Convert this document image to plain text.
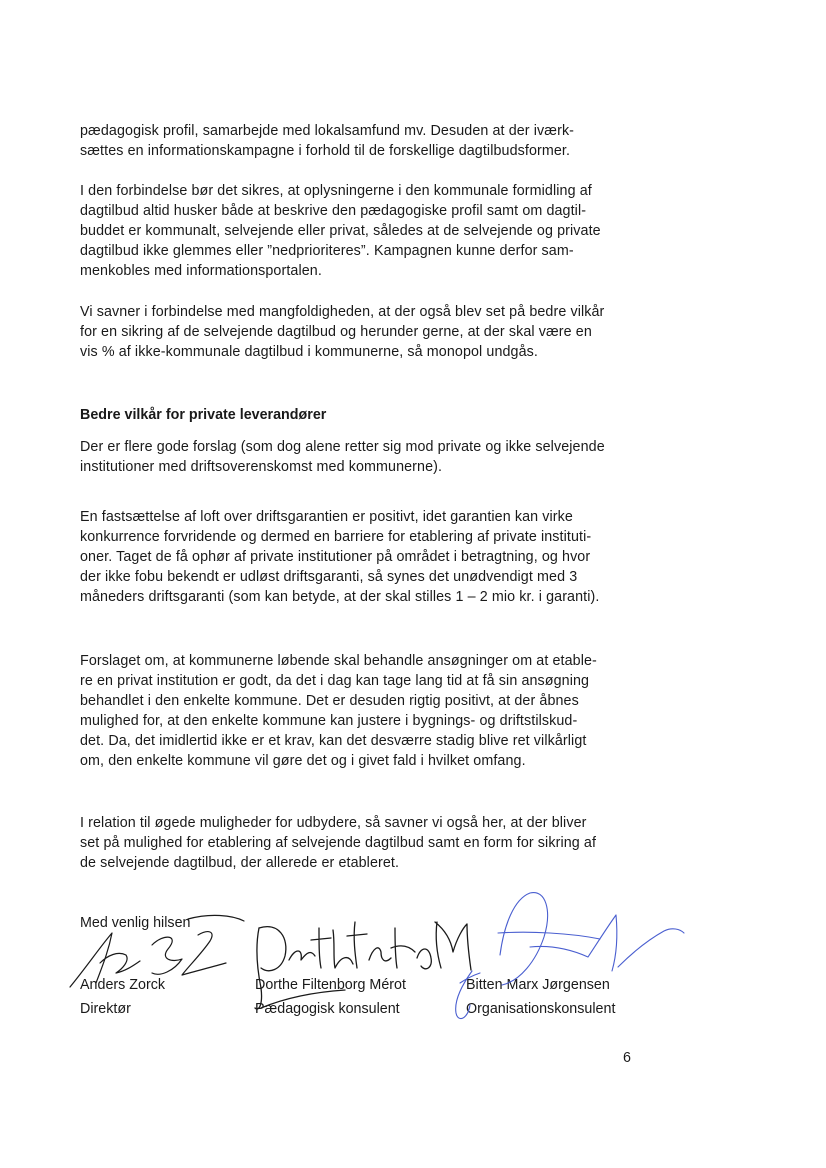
pædagogisk profil, samarbejde med lokalsamfund mv. Desuden at der iværk-
sættes en informationskampagne i forhold til de forskellige dagtilbudsformer.

I den forbindelse bør det sikres, at oplysningerne i den kommunale formidling af
dagtilbud altid husker både at beskrive den pædagogiske profil samt om dagtil-
buddet er kommunalt, selvejende eller privat, således at de selvejende og private
dagtilbud ikke glemmes eller ”nedprioriteres”. Kampagnen kunne derfor sam-
menkobles med informationsportalen.

Vi savner i forbindelse med mangfoldigheden, at der også blev set på bedre vilkår
for en sikring af de selvejende dagtilbud og herunder gerne, at der skal være en
vis % af ikke-kommunale dagtilbud i kommunerne, så monopol undgås.

Bedre vilkår for private leverandører

Der er flere gode forslag (som dog alene retter sig mod private og ikke selvejende
institutioner med driftsoverenskomst med kommunerne).

En fastsættelse af loft over driftsgarantien er positivt, idet garantien kan virke
konkurrence forvridende og dermed en barriere for etablering af private instituti-
oner. Taget de få ophør af private institutioner på området i betragtning, og hvor
der ikke fobu bekendt er udløst driftsgaranti, så synes det unødvendigt med 3
måneders driftsgaranti (som kan betyde, at der skal stilles 1 – 2 mio kr. i garanti).

Forslaget om, at kommunerne løbende skal behandle ansøgninger om at etable-
re en privat institution er godt, da det i dag kan tage lang tid at få sin ansøgning
behandlet i den enkelte kommune. Det er desuden rigtig positivt, at der åbnes
mulighed for, at den enkelte kommune kan justere i bygnings- og driftstilskud-
det. Da, det imidlertid ikke er et krav, kan det desværre stadig blive ret vilkårligt
om, den enkelte kommune vil gøre det og i givet fald i hvilket omfang.

I relation til øgede muligheder for udbydere, så savner vi også her, at der bliver
set på mulighed for etablering af selvejende dagtilbud samt en form for sikring af
de selvejende dagtilbud, der allerede er etableret.

Med venlig hilsen
Anders Zorck
Direktør
Dorthe Filtenborg Mérot
Pædagogisk konsulent
Bitten Marx Jørgensen
Organisationskonsulent
6
